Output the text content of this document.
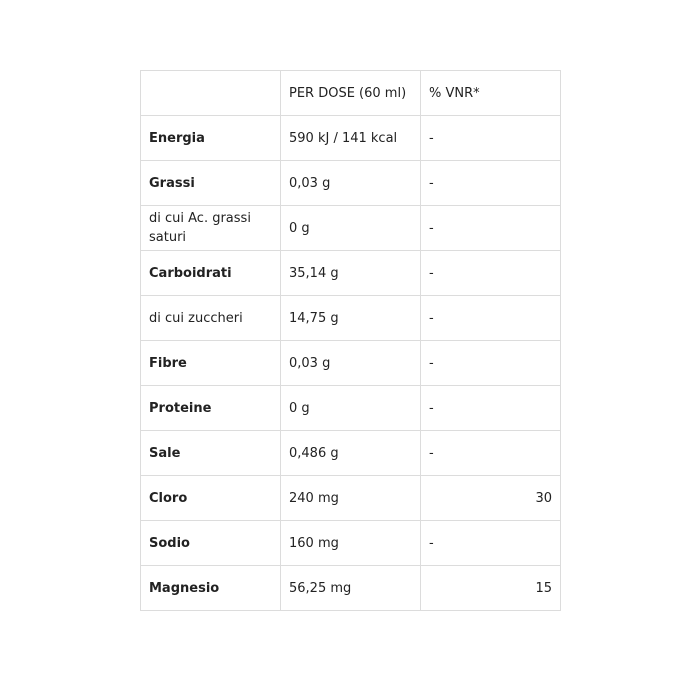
	PER DOSE (60 ml)	% VNR*
Energia	590 kJ / 141 kcal	-
Grassi	0,03 g	-
di cui Ac. grassi saturi	0 g	-
Carboidrati	35,14 g	-
di cui zuccheri	14,75 g	-
Fibre	0,03 g	-
Proteine	0 g	-
Sale	0,486 g	-
Cloro	240 mg	30
Sodio	160 mg	-
Magnesio	56,25 mg	15
